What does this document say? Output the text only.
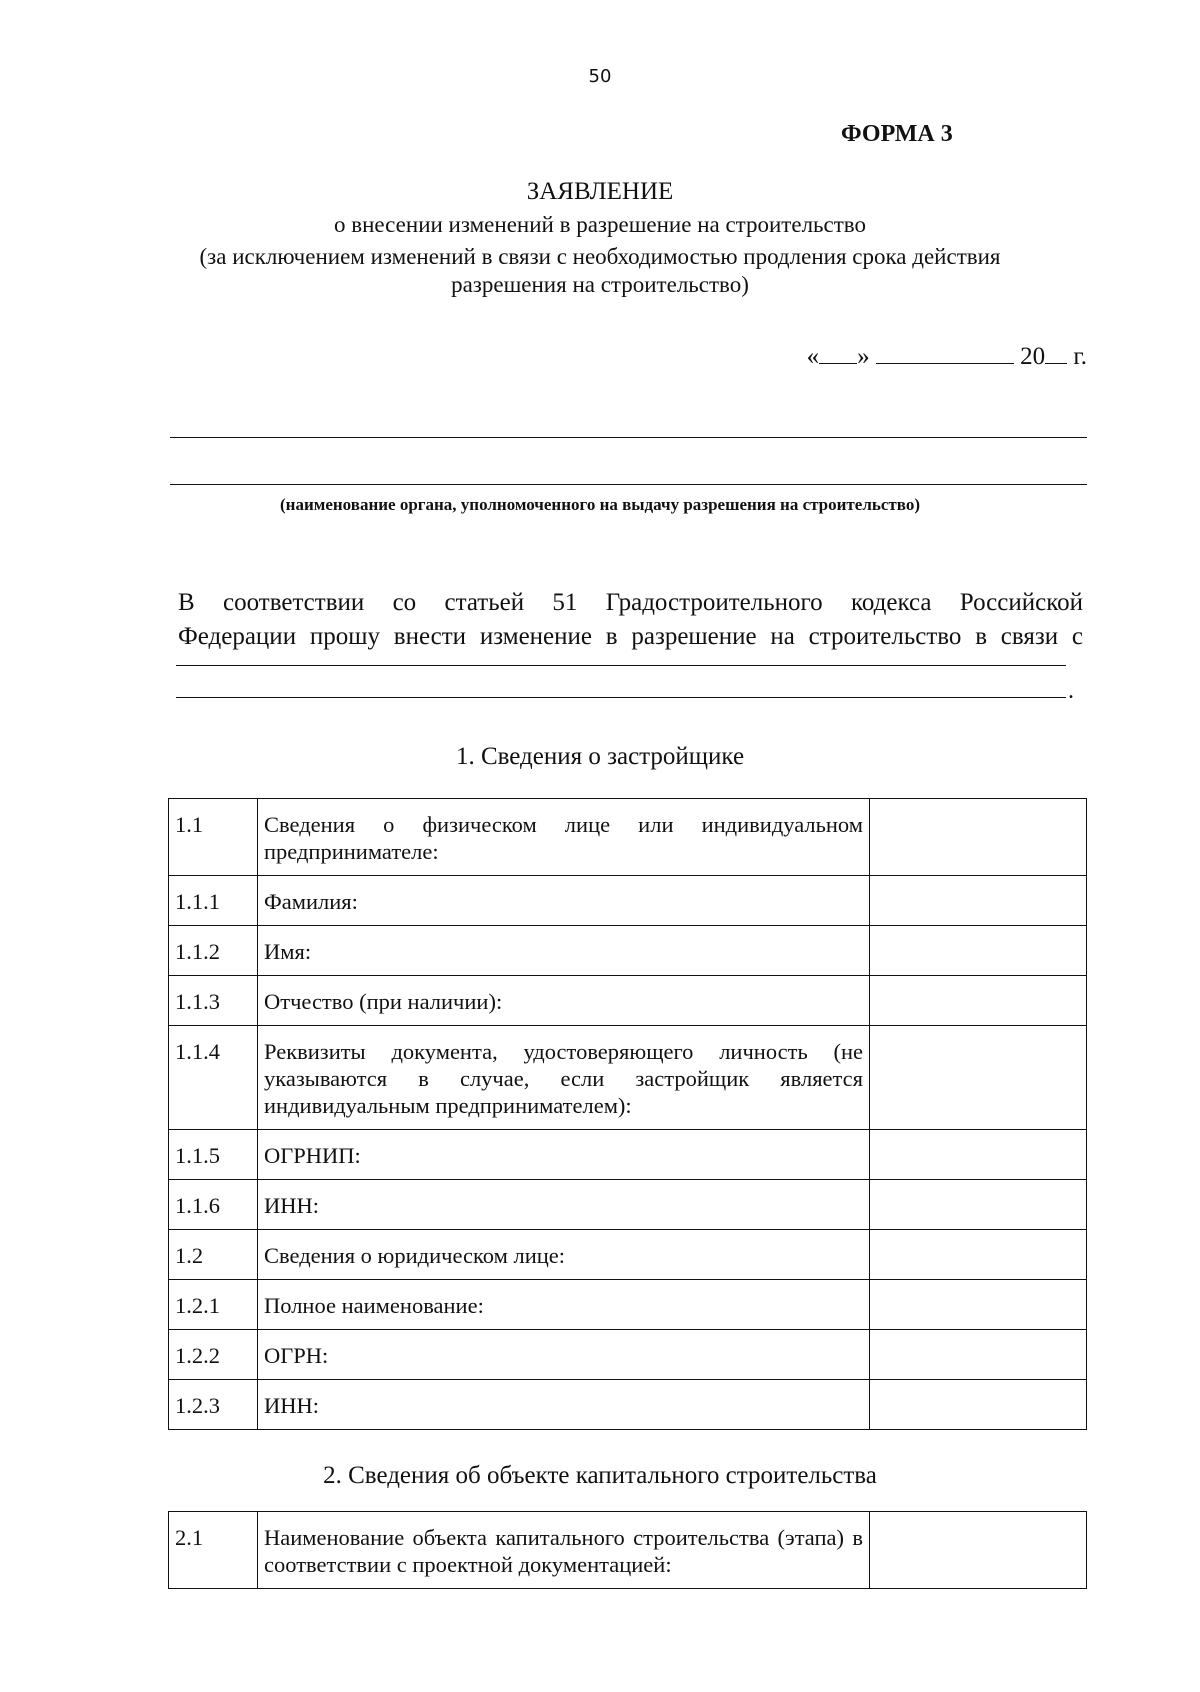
50
ФОРМА 3
ЗАЯВЛЕНИЕ
о внесении изменений в разрешение на строительство
(за исключением изменений в связи с необходимостью продления срока действия
разрешения на строительство)
« »	20 г.
(наименование органа, уполномоченного на выдачу разрешения на строительство)
В соответствии со статьей 51 Градостроительного кодекса Российской
Федерации прошу внести изменение в разрешение на строительство в связи с
.
1. Сведения о застройщике
1.1	Сведения о физическом лице или индивидуальном предпринимателе:	
1.1.1	Фамилия:	
1.1.2	Имя:	
1.1.3	Отчество (при наличии):	
1.1.4	Реквизиты документа, удостоверяющего личность (не указываются в случае, если застройщик является индивидуальным предпринимателем):	
1.1.5	ОГРНИП:	
1.1.6	ИНН:	
1.2	Сведения о юридическом лице:	
1.2.1	Полное наименование:	
1.2.2	ОГРН:	
1.2.3	ИНН:	
2. Сведения об объекте капитального строительства
2.1	Наименование объекта капитального строительства (этапа) в соответствии с проектной документацией:	
